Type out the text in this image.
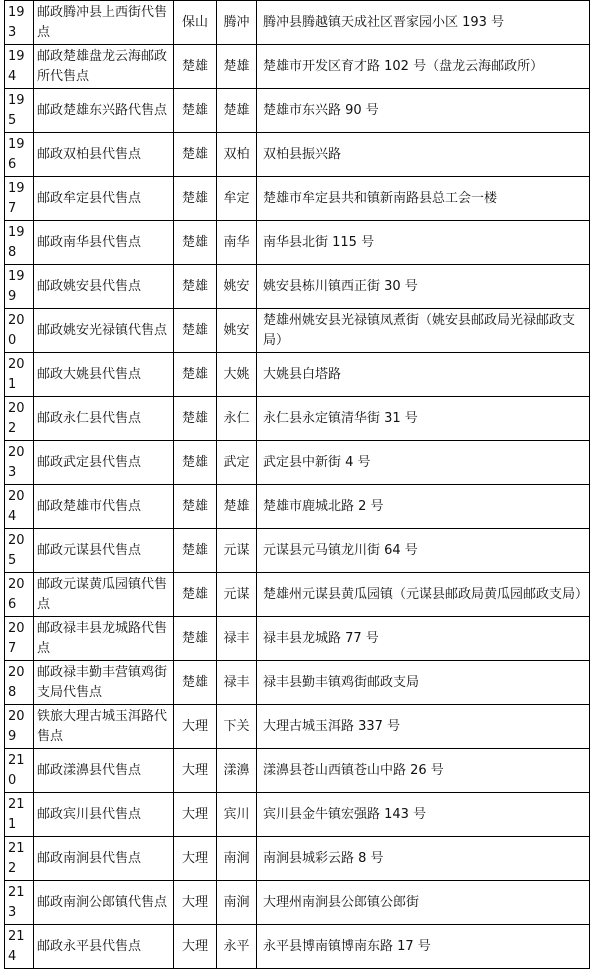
193	邮政腾冲县上西街代售点	保山	腾冲	腾冲县腾越镇天成社区晋家园小区 193 号
194	邮政楚雄盘龙云海邮政所代售点	楚雄	楚雄	楚雄市开发区育才路 102 号（盘龙云海邮政所）
195	邮政楚雄东兴路代售点	楚雄	楚雄	楚雄市东兴路 90 号
196	邮政双柏县代售点	楚雄	双柏	双柏县振兴路
197	邮政牟定县代售点	楚雄	牟定	楚雄市牟定县共和镇新南路县总工会一楼
198	邮政南华县代售点	楚雄	南华	南华县北街 115 号
199	邮政姚安县代售点	楚雄	姚安	姚安县栋川镇西正街 30 号
200	邮政姚安光禄镇代售点	楚雄	姚安	楚雄州姚安县光禄镇凤煮街（姚安县邮政局光禄邮政支局）
201	邮政大姚县代售点	楚雄	大姚	大姚县白塔路
202	邮政永仁县代售点	楚雄	永仁	永仁县永定镇清华街 31 号
203	邮政武定县代售点	楚雄	武定	武定县中新街 4 号
204	邮政楚雄市代售点	楚雄	楚雄	楚雄市鹿城北路 2 号
205	邮政元谋县代售点	楚雄	元谋	元谋县元马镇龙川街 64 号
206	邮政元谋黄瓜园镇代售点	楚雄	元谋	楚雄州元谋县黄瓜园镇（元谋县邮政局黄瓜园邮政支局）
207	邮政禄丰县龙城路代售点	楚雄	禄丰	禄丰县龙城路 77 号
208	邮政禄丰勤丰营镇鸡街支局代售点	楚雄	禄丰	禄丰县勤丰镇鸡街邮政支局
209	铁旅大理古城玉洱路代售点	大理	下关	大理古城玉洱路 337 号
210	邮政漾濞县代售点	大理	漾濞	漾濞县苍山西镇苍山中路 26 号
211	邮政宾川县代售点	大理	宾川	宾川县金牛镇宏强路 143 号
212	邮政南涧县代售点	大理	南涧	南涧县城彩云路 8 号
213	邮政南涧公郎镇代售点	大理	南涧	大理州南涧县公郎镇公郎街
214	邮政永平县代售点	大理	永平	永平县博南镇博南东路 17 号
